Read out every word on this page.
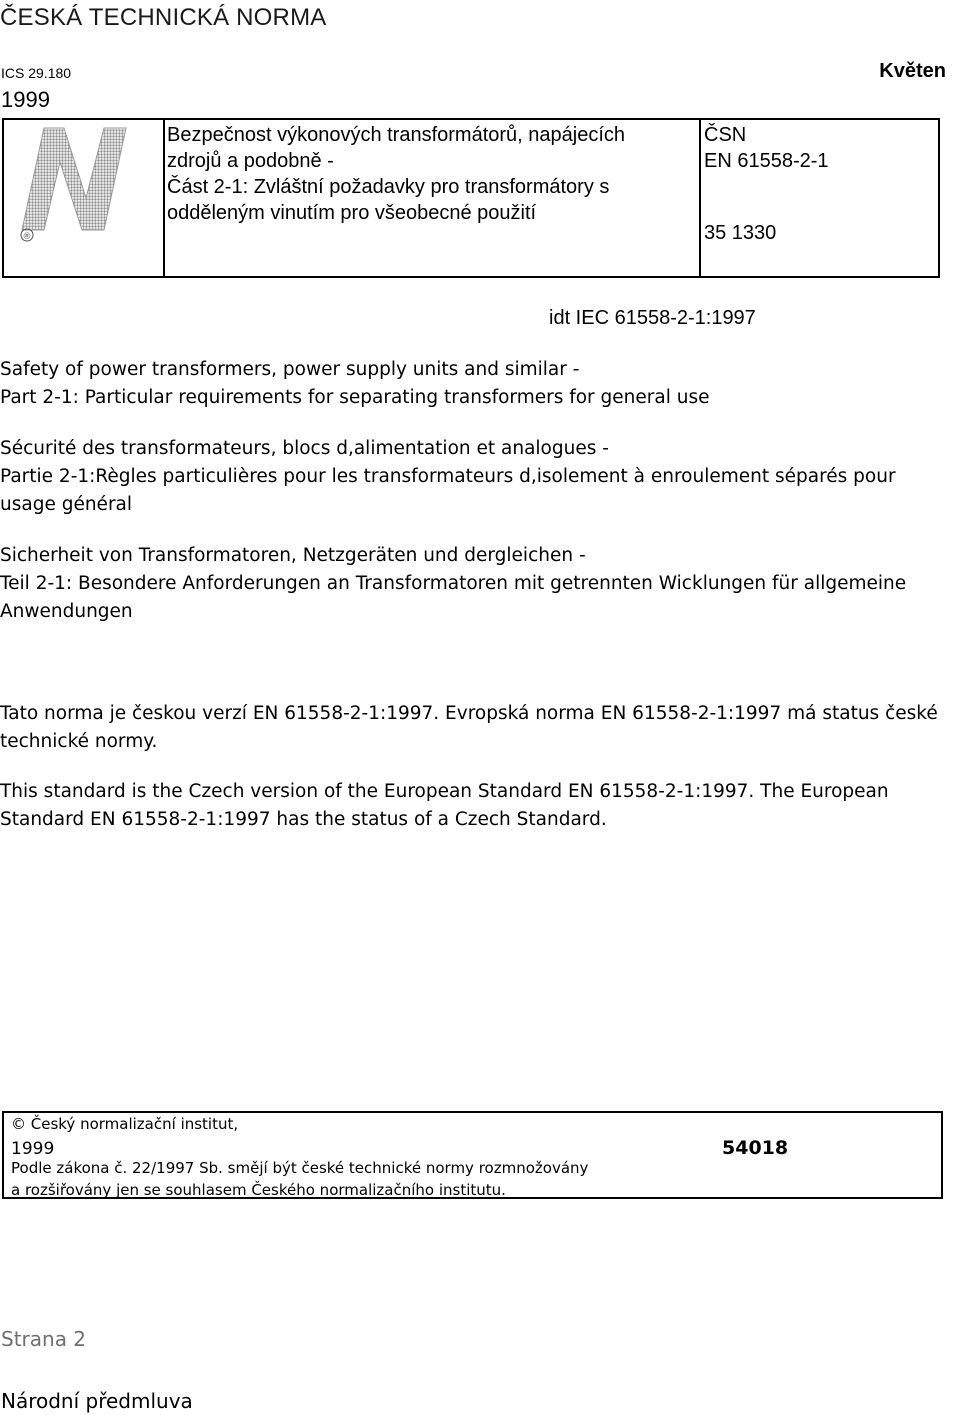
ČESKÁ TECHNICKÁ NORMA
ICS 29.180
1999
Květen
®
Bezpečnost výkonových transformátorů, napájecích
zdrojů a podobně -
Část 2-1: Zvláštní požadavky pro transformátory s
odděleným vinutím pro všeobecné použití
ČSN
EN 61558-2-1
35 1330
idt IEC 61558-2-1:1997
Safety of power transformers, power supply units and similar -
Part 2-1: Particular requirements for separating transformers for general use
Sécurité des transformateurs, blocs d,alimentation et analogues -
Partie 2-1:Règles particulières pour les transformateurs d,isolement à enroulement séparés pour
usage général
Sicherheit von Transformatoren, Netzgeräten und dergleichen -
Teil 2-1: Besondere Anforderungen an Transformatoren mit getrennten Wicklungen für allgemeine
Anwendungen
Tato norma je českou verzí EN 61558-2-1:1997. Evropská norma EN 61558-2-1:1997 má status české
technické normy.
This standard is the Czech version of the European Standard EN 61558-2-1:1997. The European
Standard EN 61558-2-1:1997 has the status of a Czech Standard.
© Český normalizační institut,
1999	54018
Podle zákona č. 22/1997 Sb. smějí být české technické normy rozmnožovány
a rozšiřovány jen se souhlasem Českého normalizačního institutu.
Strana 2
Národní předmluva
